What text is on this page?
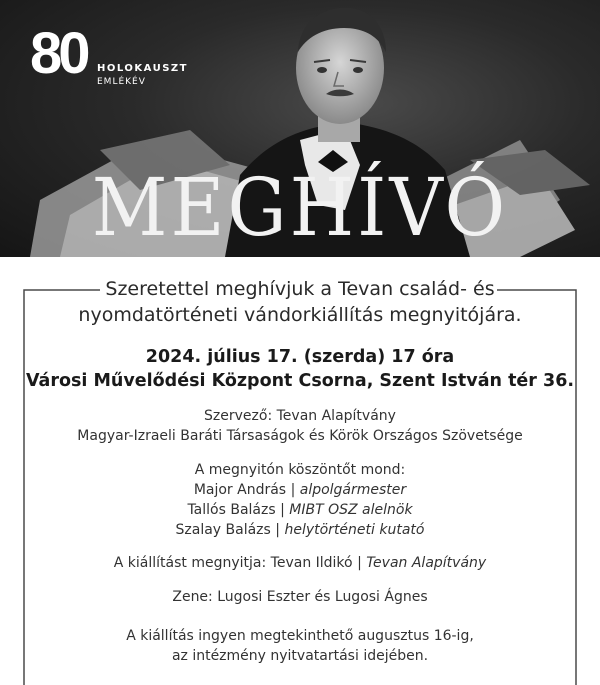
80 HOLOKAUSZT
EMLÉKÉV
MEGHÍVÓ
Szeretettel meghívjuk a Tevan család- és
nyomdatörténeti vándorkiállítás megnyitójára.
2024. július 17. (szerda) 17 óra
Városi Művelődési Központ Csorna, Szent István tér 36.
Szervező: Tevan Alapítvány
Magyar-Izraeli Baráti Társaságok és Körök Országos Szövetsége
A megnyitón köszöntőt mond:
Major András | alpolgármester
Tallós Balázs | MIBT OSZ alelnök
Szalay Balázs | helytörténeti kutató
A kiállítást megnyitja: Tevan Ildikó | Tevan Alapítvány
Zene: Lugosi Eszter és Lugosi Ágnes
A kiállítás ingyen megtekinthető augusztus 16-ig,
az intézmény nyitvatartási idejében.
